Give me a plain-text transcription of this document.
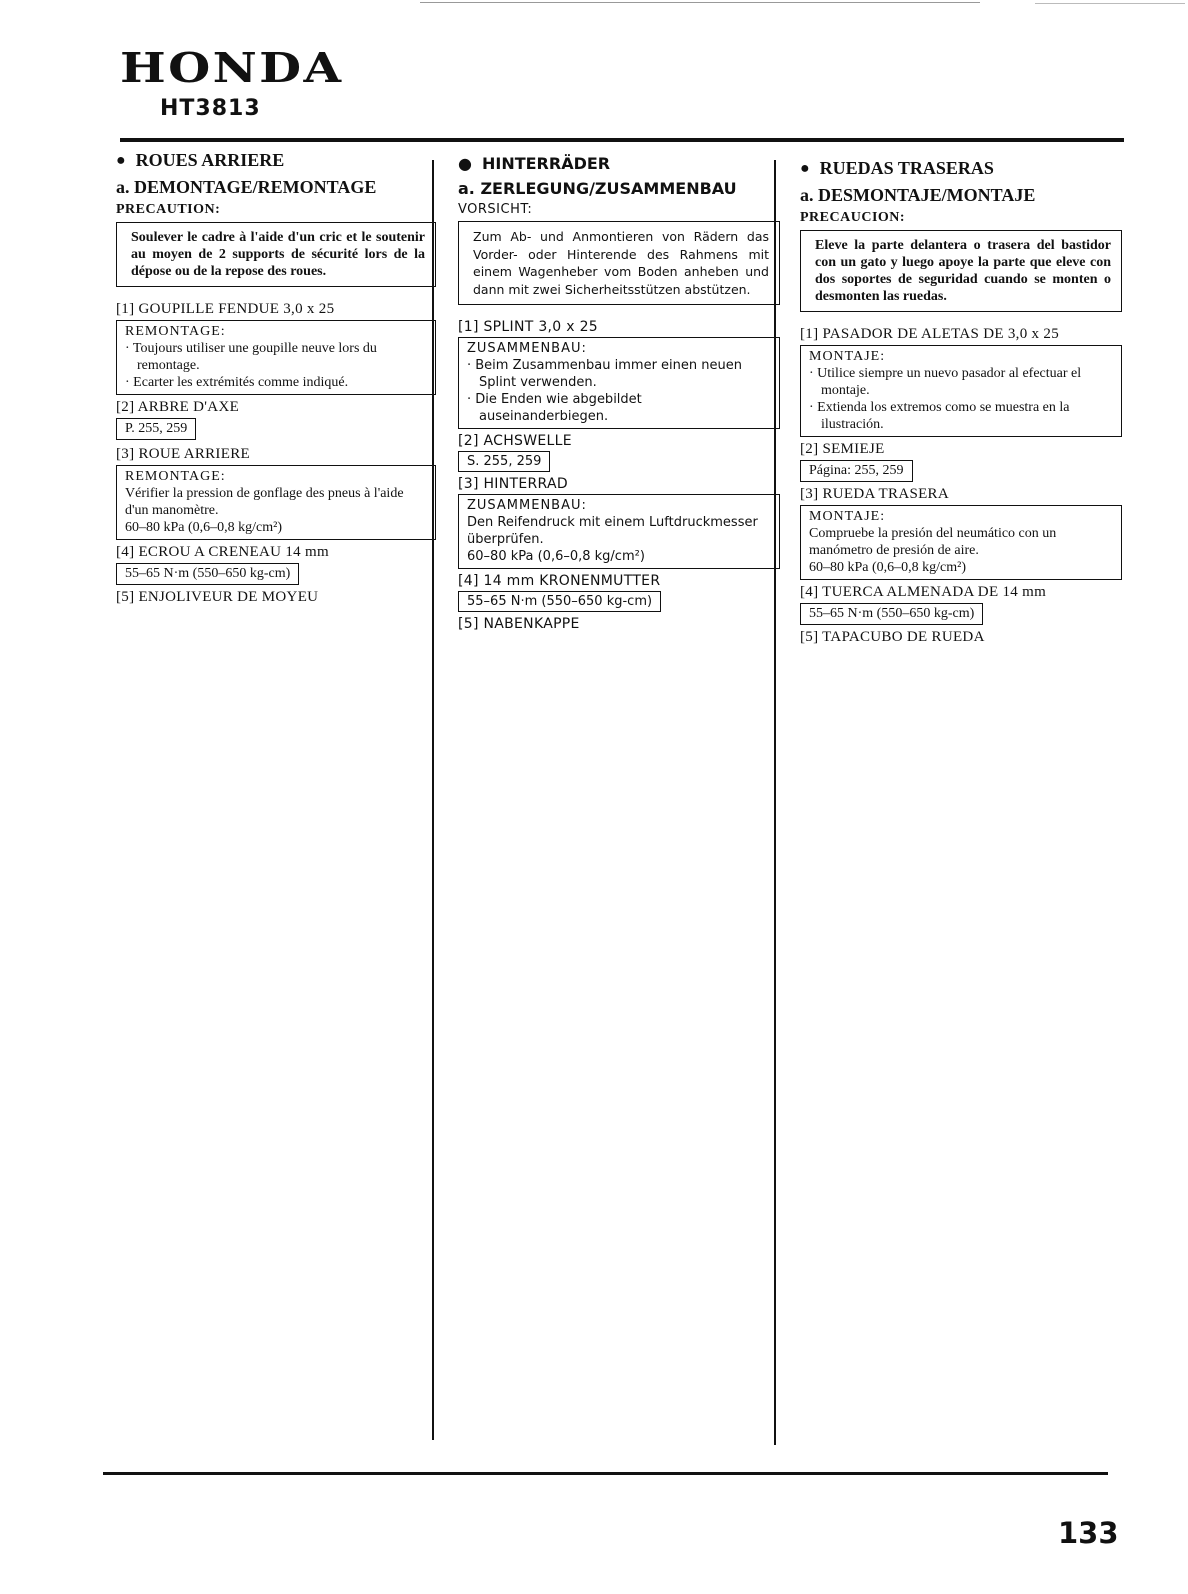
HONDA
HT3813
● ROUES ARRIERE
a. DEMONTAGE/REMONTAGE
PRECAUTION:
Soulever le cadre à l'aide d'un cric et le soutenir au moyen de 2 supports de sécurité lors de la dépose ou de la repose des roues.
[1] GOUPILLE FENDUE 3,0 x 25
REMONTAGE:
· Toujours utiliser une goupille neuve lors du remontage.
· Ecarter les extrémités comme indiqué.
[2] ARBRE D'AXE
P. 255, 259
[3] ROUE ARRIERE
REMONTAGE:
Vérifier la pression de gonflage des pneus à l'aide d'un manomètre.
60–80 kPa (0,6–0,8 kg/cm²)
[4] ECROU A CRENEAU 14 mm
55–65 N·m (550–650 kg-cm)
[5] ENJOLIVEUR DE MOYEU
● HINTERRÄDER
a. ZERLEGUNG/ZUSAMMENBAU
VORSICHT:
Zum Ab- und Anmontieren von Rädern das Vorder- oder Hinterende des Rahmens mit einem Wagenheber vom Boden anheben und dann mit zwei Sicherheitsstützen abstützen.
[1] SPLINT 3,0 x 25
ZUSAMMENBAU:
· Beim Zusammenbau immer einen neuen Splint verwenden.
· Die Enden wie abgebildet auseinanderbiegen.
[2] ACHSWELLE
S. 255, 259
[3] HINTERRAD
ZUSAMMENBAU:
Den Reifendruck mit einem Luftdruckmesser überprüfen.
60–80 kPa (0,6–0,8 kg/cm²)
[4] 14 mm KRONENMUTTER
55–65 N·m (550–650 kg-cm)
[5] NABENKAPPE
● RUEDAS TRASERAS
a. DESMONTAJE/MONTAJE
PRECAUCION:
Eleve la parte delantera o trasera del bastidor con un gato y luego apoye la parte que eleve con dos soportes de seguridad cuando se monten o desmonten las ruedas.
[1] PASADOR DE ALETAS DE 3,0 x 25
MONTAJE:
· Utilice siempre un nuevo pasador al efectuar el montaje.
· Extienda los extremos como se muestra en la ilustración.
[2] SEMIEJE
Página: 255, 259
[3] RUEDA TRASERA
MONTAJE:
Compruebe la presión del neumático con un manómetro de presión de aire.
60–80 kPa (0,6–0,8 kg/cm²)
[4] TUERCA ALMENADA DE 14 mm
55–65 N·m (550–650 kg-cm)
[5] TAPACUBO DE RUEDA
133
